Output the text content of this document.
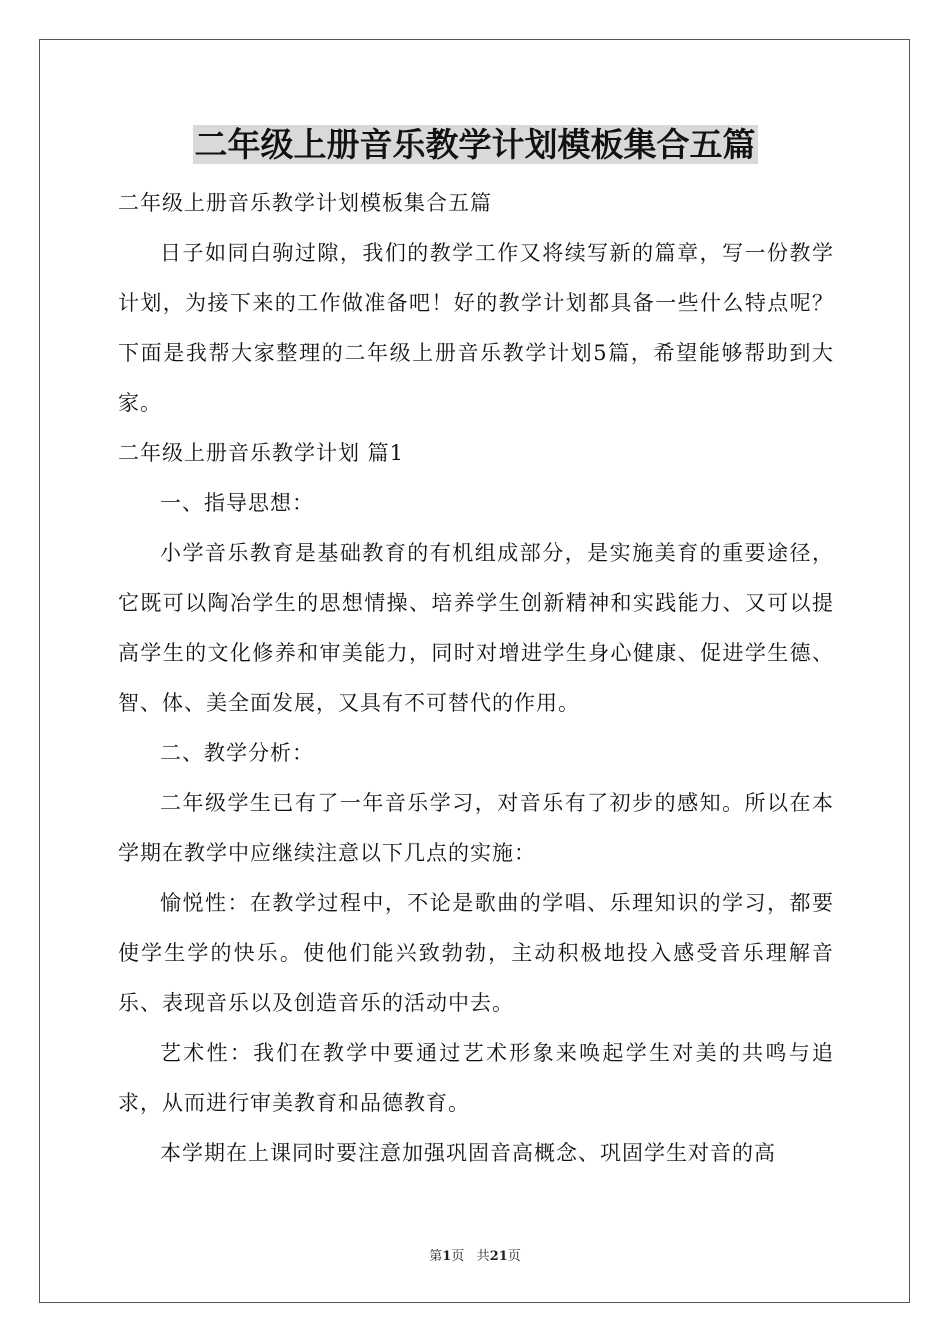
二年级上册音乐教学计划模板集合五篇

二年级上册音乐教学计划模板集合五篇

日子如同白驹过隙，我们的教学工作又将续写新的篇章，写一份教学计划，为接下来的工作做准备吧！好的教学计划都具备一些什么特点呢？下面是我帮大家整理的二年级上册音乐教学计划5篇，希望能够帮助到大家。

二年级上册音乐教学计划 篇1

一、指导思想：

小学音乐教育是基础教育的有机组成部分，是实施美育的重要途径，它既可以陶冶学生的思想情操、培养学生创新精神和实践能力、又可以提高学生的文化修养和审美能力，同时对增进学生身心健康、促进学生德、智、体、美全面发展，又具有不可替代的作用。

二、教学分析：

二年级学生已有了一年音乐学习，对音乐有了初步的感知。所以在本学期在教学中应继续注意以下几点的实施：

愉悦性：在教学过程中，不论是歌曲的学唱、乐理知识的学习，都要使学生学的快乐。使他们能兴致勃勃，主动积极地投入感受音乐理解音乐、表现音乐以及创造音乐的活动中去。

艺术性：我们在教学中要通过艺术形象来唤起学生对美的共鸣与追求，从而进行审美教育和品德教育。

本学期在上课同时要注意加强巩固音高概念、巩固学生对音的高

第1页 共21页
